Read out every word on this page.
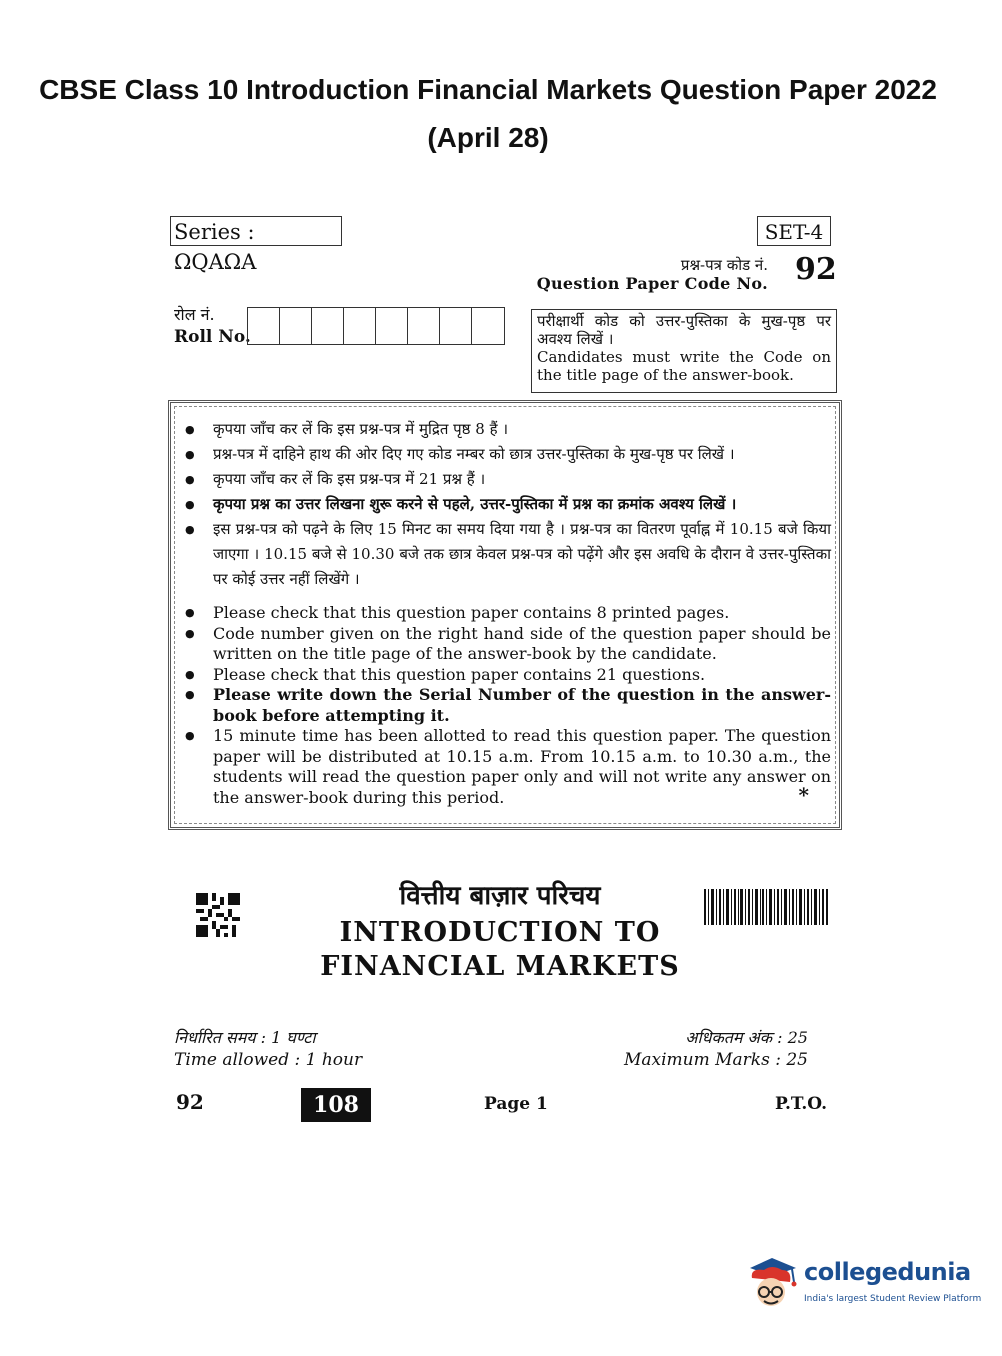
CBSE Class 10 Introduction Financial Markets Question Paper 2022
(April 28)
Series : ΩQAΩA
SET-4
प्रश्न-पत्र कोड नं.
Question Paper Code No. 92
रोल नं.
Roll No.
परीक्षार्थी कोड को उत्तर-पुस्तिका के मुख-पृष्ठ पर अवश्य लिखें ।
Candidates must write the Code on the title page of the answer-book.
● कृपया जाँच कर लें कि इस प्रश्न-पत्र में मुद्रित पृष्ठ 8 हैं ।
● प्रश्न-पत्र में दाहिने हाथ की ओर दिए गए कोड नम्बर को छात्र उत्तर-पुस्तिका के मुख-पृष्ठ पर लिखें ।
● कृपया जाँच कर लें कि इस प्रश्न-पत्र में 21 प्रश्न हैं ।
● कृपया प्रश्न का उत्तर लिखना शुरू करने से पहले, उत्तर-पुस्तिका में प्रश्न का क्रमांक अवश्य लिखें ।
● इस प्रश्न-पत्र को पढ़ने के लिए 15 मिनट का समय दिया गया है । प्रश्न-पत्र का वितरण पूर्वाह्न में 10.15 बजे किया जाएगा । 10.15 बजे से 10.30 बजे तक छात्र केवल प्रश्न-पत्र को पढ़ेंगे और इस अवधि के दौरान वे उत्तर-पुस्तिका पर कोई उत्तर नहीं लिखेंगे ।
● Please check that this question paper contains 8 printed pages.
● Code number given on the right hand side of the question paper should be written on the title page of the answer-book by the candidate.
● Please check that this question paper contains 21 questions.
● Please write down the Serial Number of the question in the answer-book before attempting it.
● 15 minute time has been allotted to read this question paper. The question paper will be distributed at 10.15 a.m. From 10.15 a.m. to 10.30 a.m., the students will read the question paper only and will not write any answer on the answer-book during this period.	*
वित्तीय बाज़ार परिचय
INTRODUCTION TO
FINANCIAL MARKETS
निर्धारित समय : 1 घण्टा
Time allowed : 1 hour
अधिकतम अंक : 25
Maximum Marks : 25
92	108	Page 1	P.T.O.
collegedunia
India's largest Student Review Platform
